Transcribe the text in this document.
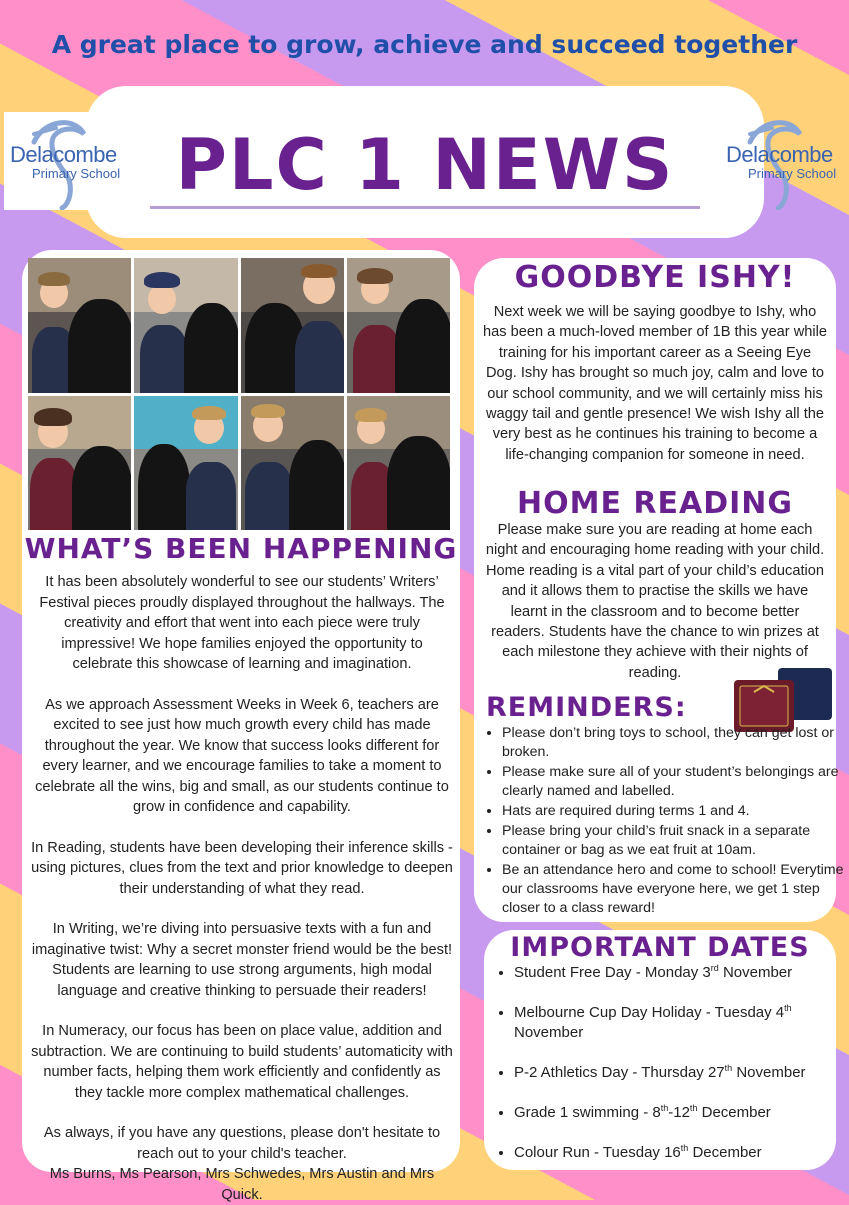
A great place to grow, achieve and succeed together
PLC 1 NEWS
Delacombe
Primary School
Delacombe
Primary School
WHAT’S BEEN HAPPENING

It has been absolutely wonderful to see our students’ Writers’ Festival pieces proudly displayed throughout the hallways. The creativity and effort that went into each piece were truly impressive! We hope families enjoyed the opportunity to celebrate this showcase of learning and imagination.

As we approach Assessment Weeks in Week 6, teachers are excited to see just how much growth every child has made throughout the year. We know that success looks different for every learner, and we encourage families to take a moment to celebrate all the wins, big and small, as our students continue to grow in confidence and capability.

In Reading, students have been developing their inference skills - using pictures, clues from the text and prior knowledge to deepen their understanding of what they read.

In Writing, we’re diving into persuasive texts with a fun and imaginative twist: Why a secret monster friend would be the best! Students are learning to use strong arguments, high modal language and creative thinking to persuade their readers!

In Numeracy, our focus has been on place value, addition and subtraction. We are continuing to build students’ automaticity with number facts, helping them work efficiently and confidently as they tackle more complex mathematical challenges.

As always, if you have any questions, please don't hesitate to reach out to your child's teacher.

Ms Burns, Ms Pearson, Mrs Schwedes, Mrs Austin and Mrs Quick.

GOODBYE ISHY!
Next week we will be saying goodbye to Ishy, who has been a much-loved member of 1B this year while training for his important career as a Seeing Eye Dog. Ishy has brought so much joy, calm and love to our school community, and we will certainly miss his waggy tail and gentle presence! We wish Ishy all the very best as he continues his training to become a life-changing companion for someone in need.
HOME READING
Please make sure you are reading at home each night and encouraging home reading with your child. Home reading is a vital part of your child’s education and it allows them to practise the skills we have learnt in the classroom and to become better readers. Students have the chance to win prizes at each milestone they achieve with their nights of reading.
REMINDERS:
• Please don’t bring toys to school, they can get lost or broken.
• Please make sure all of your student’s belongings are clearly named and labelled.
• Hats are required during terms 1 and 4.
• Please bring your child’s fruit snack in a separate container or bag as we eat fruit at 10am.
• Be an attendance hero and come to school! Everytime our classrooms have everyone here, we get 1 step closer to a class reward!
IMPORTANT DATES
• Student Free Day - Monday 3rd November
• Melbourne Cup Day Holiday - Tuesday 4th November
• P-2 Athletics Day - Thursday 27th November
• Grade 1 swimming - 8th-12th December
• Colour Run - Tuesday 16th December
